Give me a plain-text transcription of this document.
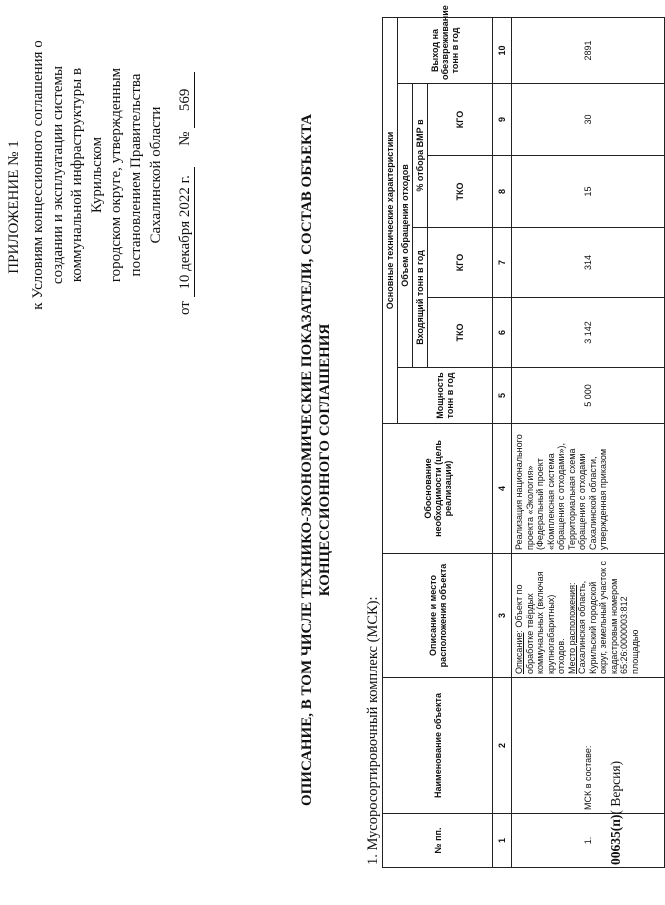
ПРИЛОЖЕНИЕ № 1 к Условиям концессионного соглашения о создании и эксплуатации системы коммунальной инфраструктуры в Курильском городском округе, утвержденным постановлением Правительства Сахалинской области
от 10 декабря 2022 г.  № 569
ОПИСАНИЕ, В ТОМ ЧИСЛЕ ТЕХНИКО-ЭКОНОМИЧЕСКИЕ ПОКАЗАТЕЛИ, СОСТАВ ОБЪЕКТА КОНЦЕССИОННОГО СОГЛАШЕНИЯ
1. Мусоросортировочный комплекс (МСК):	№ пп.	Наименование объекта	Описание и место расположения объекта	Обоснование необходимости (цель реализации)	Основные технические характеристики					
				Мощность тонн в год	Объем обращения отходов				Выход на обезвреживание тонн в год
					Входящий тонн в год		% отбора ВМР в		
					ТКО	КГО	ТКО	КГО	
1	2	3	4	5	6	7	8	9	10
1.	МСК в составе:	Описание: Объект по обработке твёрдых коммунальных (включая крупногабаритных) отходов.
Место расположения: Сахалинская область, Курильский городской округ, земельный участок с кадастровым номером 65:26:0000003:812 площадью	Реализация национального проекта «Экология» (Федеральный проект «Комплексная система обращения с отходами»), Территориальная схема обращения с отходами Сахалинской области, утвержденная приказом	5 000	3 142	314	15	30	2891
00635(п)( Версия)
